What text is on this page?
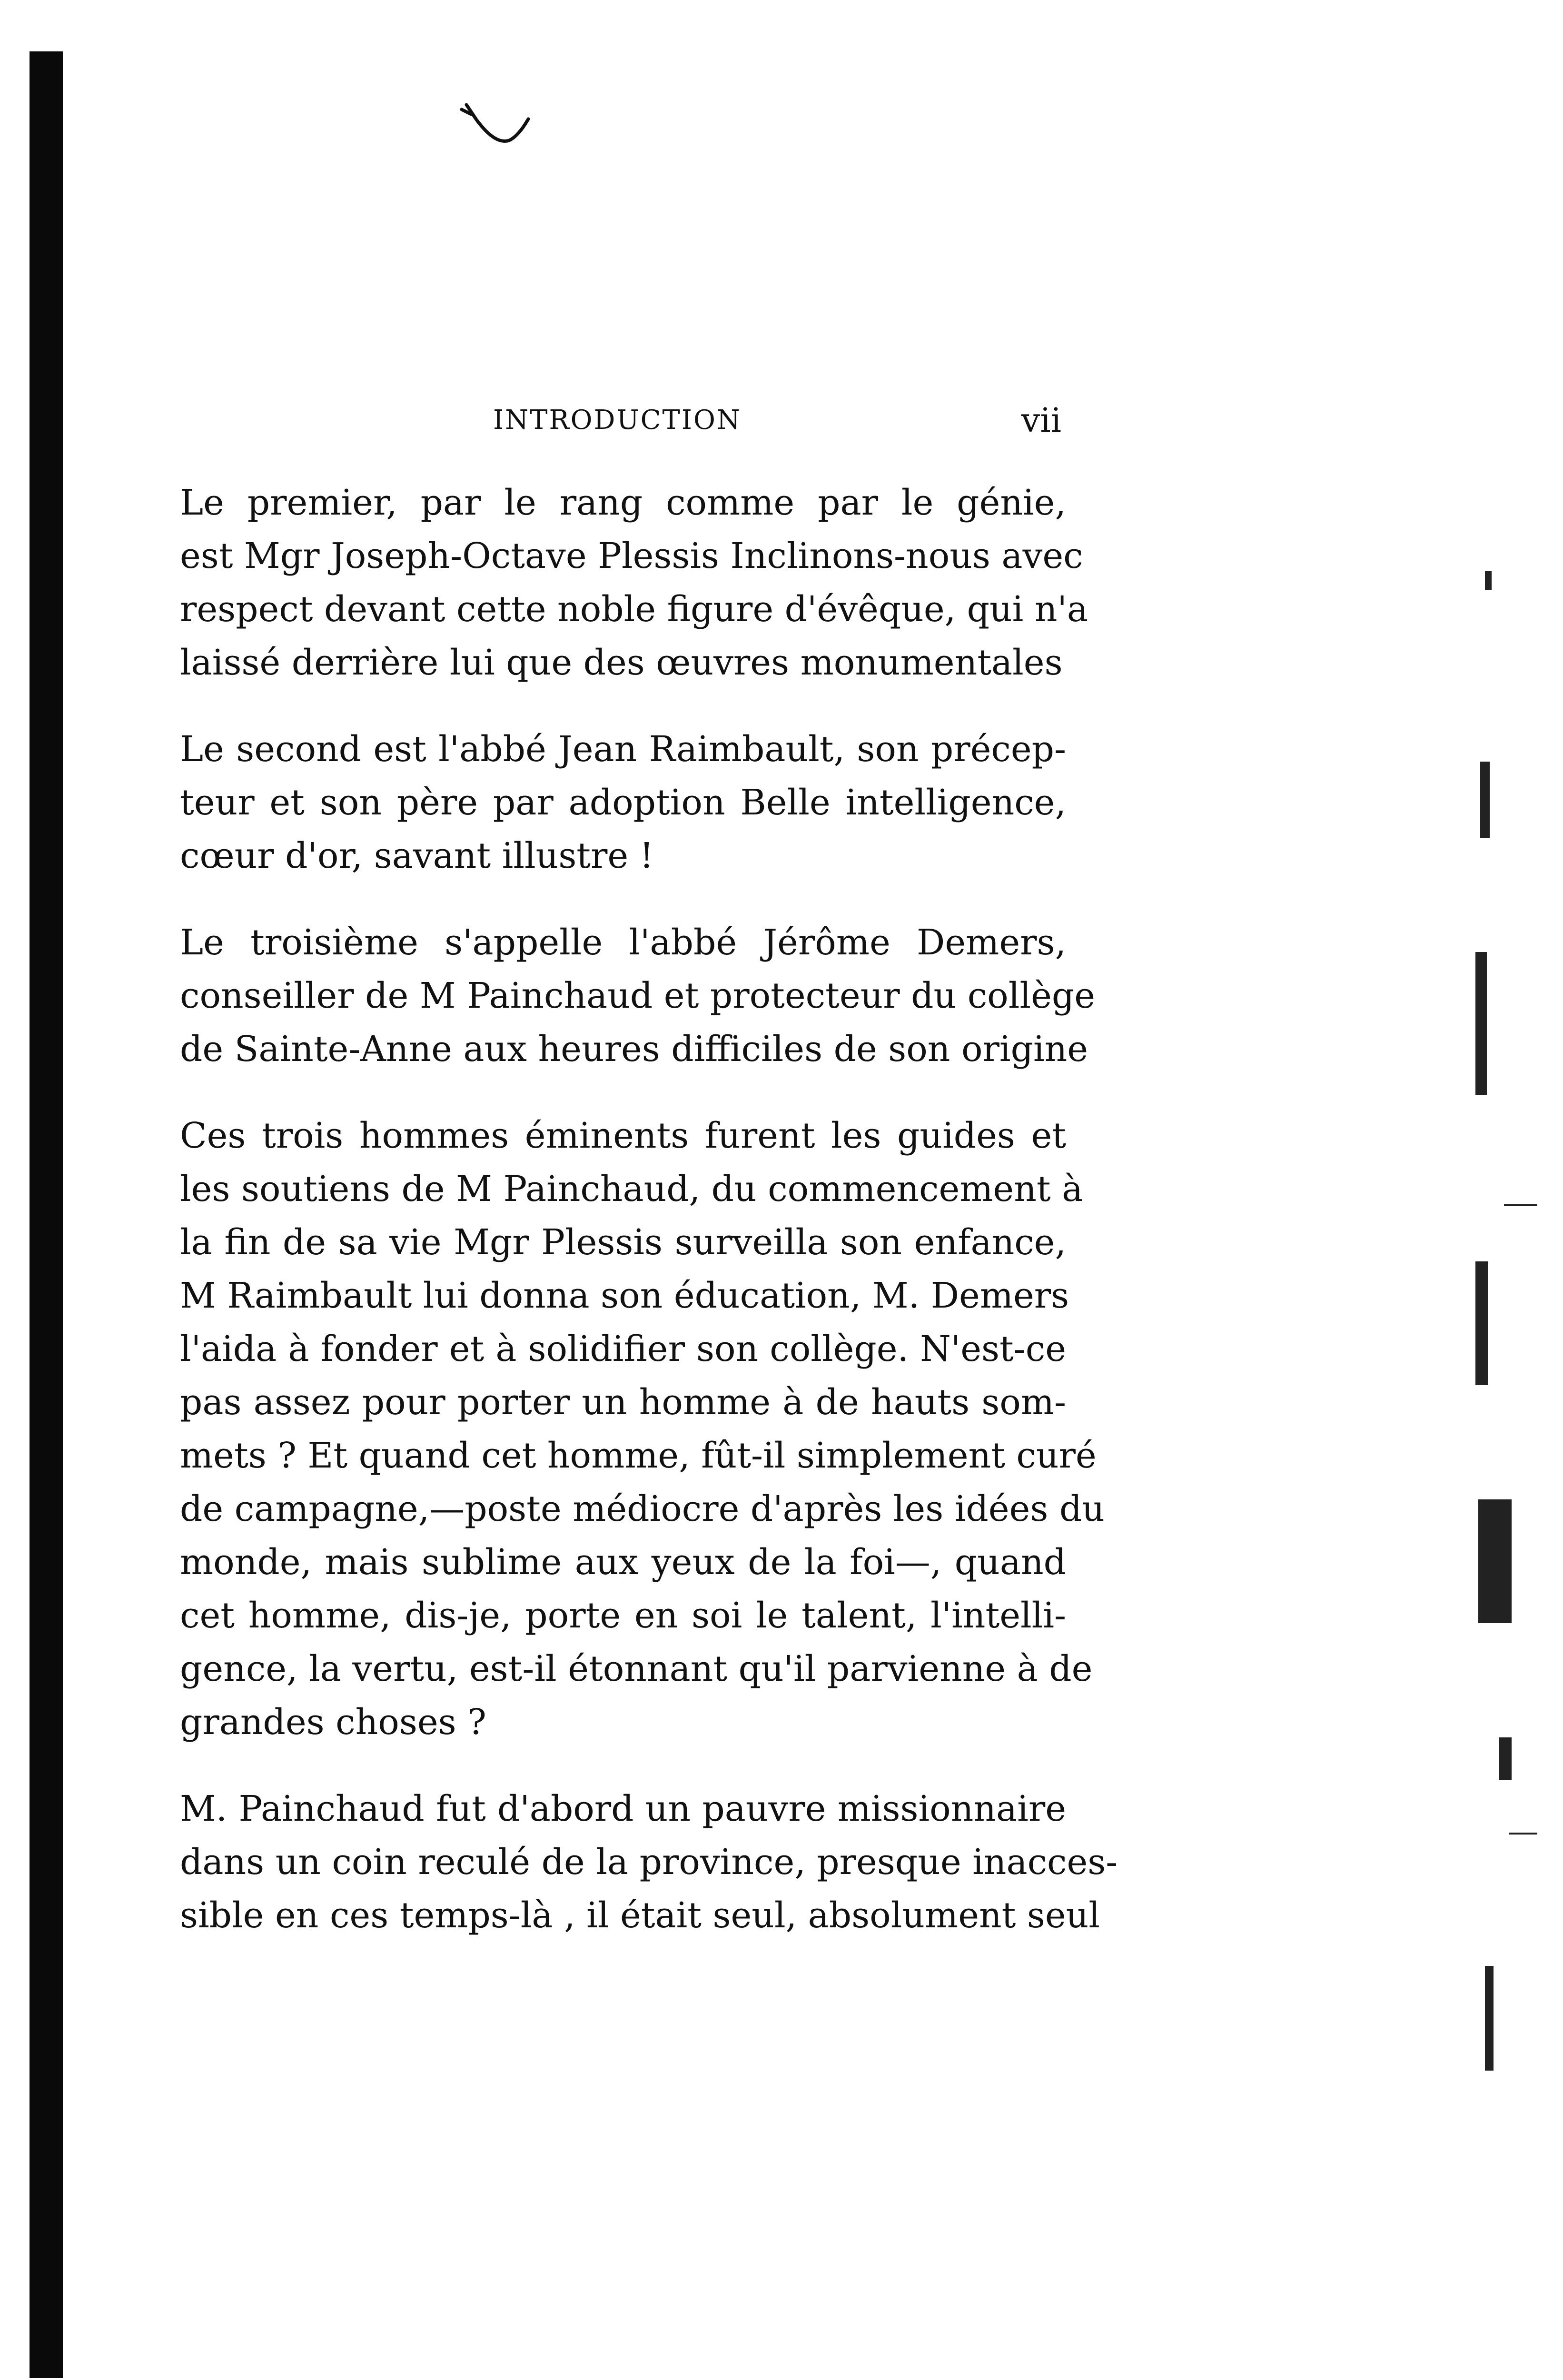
INTRODUCTION	vii
Le premier, par le rang comme par le génie,
est Mgr Joseph-Octave Plessis Inclinons-nous avec
respect devant cette noble figure d'évêque, qui n'a
laissé derrière lui que des œuvres monumentales
Le second est l'abbé Jean Raimbault, son précep-
teur et son père par adoption Belle intelligence,
cœur d'or, savant illustre !
Le troisième s'appelle l'abbé Jérôme Demers,
conseiller de M Painchaud et protecteur du collège
de Sainte-Anne aux heures difficiles de son origine
Ces trois hommes éminents furent les guides et
les soutiens de M Painchaud, du commencement à
la fin de sa vie Mgr Plessis surveilla son enfance,
M Raimbault lui donna son éducation, M. Demers
l'aida à fonder et à solidifier son collège. N'est-ce
pas assez pour porter un homme à de hauts som-
mets ? Et quand cet homme, fût-il simplement curé
de campagne,—poste médiocre d'après les idées du
monde, mais sublime aux yeux de la foi—, quand
cet homme, dis-je, porte en soi le talent, l'intelli-
gence, la vertu, est-il étonnant qu'il parvienne à de
grandes choses ?
M. Painchaud fut d'abord un pauvre missionnaire
dans un coin reculé de la province, presque inacces-
sible en ces temps-là , il était seul, absolument seul
